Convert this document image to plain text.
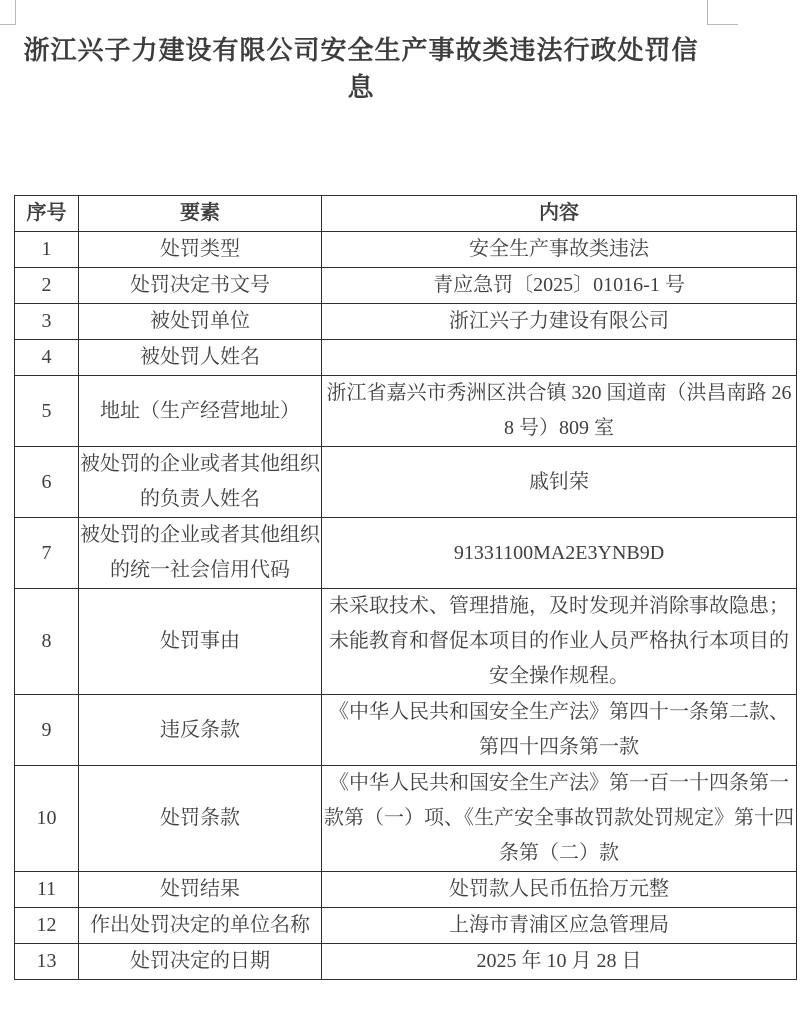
浙江兴子力建设有限公司安全生产事故类违法行政处罚信息
序号	要素	内容
1	处罚类型	安全生产事故类违法
2	处罚决定书文号	青应急罚〔2025〕01016-1 号
3	被处罚单位	浙江兴子力建设有限公司
4	被处罚人姓名	
5	地址（生产经营地址）	浙江省嘉兴市秀洲区洪合镇 320 国道南（洪昌南路 268 号）809 室
6	被处罚的企业或者其他组织的负责人姓名	戚钊荣
7	被处罚的企业或者其他组织的统一社会信用代码	91331100MA2E3YNB9D
8	处罚事由	未采取技术、管理措施，及时发现并消除事故隐患；未能教育和督促本项目的作业人员严格执行本项目的安全操作规程。
9	违反条款	《中华人民共和国安全生产法》第四十一条第二款、第四十四条第一款
10	处罚条款	《中华人民共和国安全生产法》第一百一十四条第一款第（一）项、《生产安全事故罚款处罚规定》第十四条第（二）款
11	处罚结果	处罚款人民币伍拾万元整
12	作出处罚决定的单位名称	上海市青浦区应急管理局
13	处罚决定的日期	2025 年 10 月 28 日
